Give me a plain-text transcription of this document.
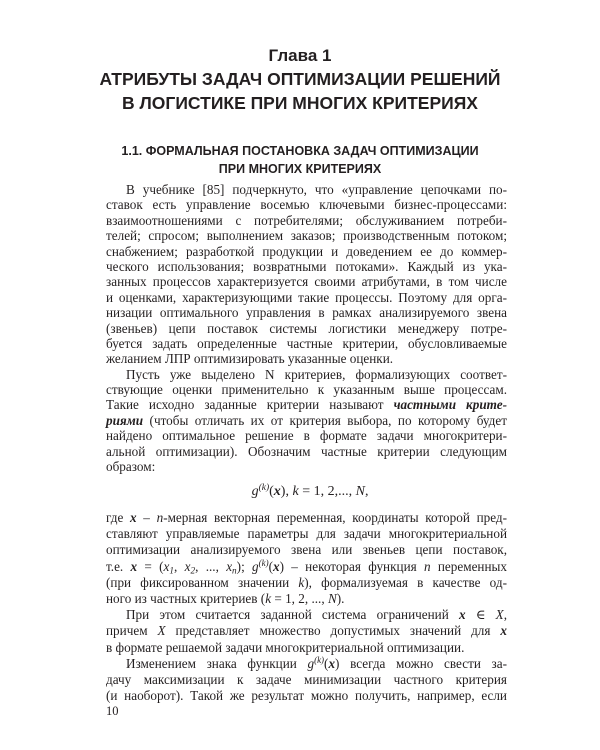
Глава 1
АТРИБУТЫ ЗАДАЧ ОПТИМИЗАЦИИ РЕШЕНИЙ
В ЛОГИСТИКЕ ПРИ МНОГИХ КРИТЕРИЯХ
1.1. ФОРМАЛЬНАЯ ПОСТАНОВКА ЗАДАЧ ОПТИМИЗАЦИИ
ПРИ МНОГИХ КРИТЕРИЯХ
В учебнике [85] подчеркнуто, что «управление цепочками по-
ставок есть управление восемью ключевыми бизнес-процессами:
взаимоотношениями с потребителями; обслуживанием потреби-
телей; спросом; выполнением заказов; производственным потоком;
снабжением; разработкой продукции и доведением ее до коммер-
ческого использования; возвратными потоками». Каждый из ука-
занных процессов характеризуется своими атрибутами, в том числе
и оценками, характеризующими такие процессы. Поэтому для орга-
низации оптимального управления в рамках анализируемого звена
(звеньев) цепи поставок системы логистики менеджеру потре-
буется задать определенные частные критерии, обусловливаемые
желанием ЛПР оптимизировать указанные оценки.
Пусть уже выделено N критериев, формализующих соответ-
ствующие оценки применительно к указанным выше процессам.
Такие исходно заданные критерии называют частными крите-
риями (чтобы отличать их от критерия выбора, по которому будет
найдено оптимальное решение в формате задачи многокритери-
альной оптимизации). Обозначим частные критерии следующим
образом:
$g^{(k)}(x)$, k = 1, 2,..., N,
где x – n-мерная векторная переменная, координаты которой пред-
ставляют управляемые параметры для задачи многокритериальной
оптимизации анализируемого звена или звеньев цепи поставок,
т.е. x = (x1, x2, ..., xn); $g^{(k)}(x)$ – некоторая функция n переменных
(при фиксированном значении k), формализуемая в качестве од-
ного из частных критериев (k = 1, 2, ..., N).
При этом считается заданной система ограничений x ∈ X,
причем X представляет множество допустимых значений для x
в формате решаемой задачи многокритериальной оптимизации.
Изменением знака функции $g^{(k)}(x)$ всегда можно свести за-
дачу максимизации к задаче минимизации частного критерия
(и наоборот). Такой же результат можно получить, например, если
10
